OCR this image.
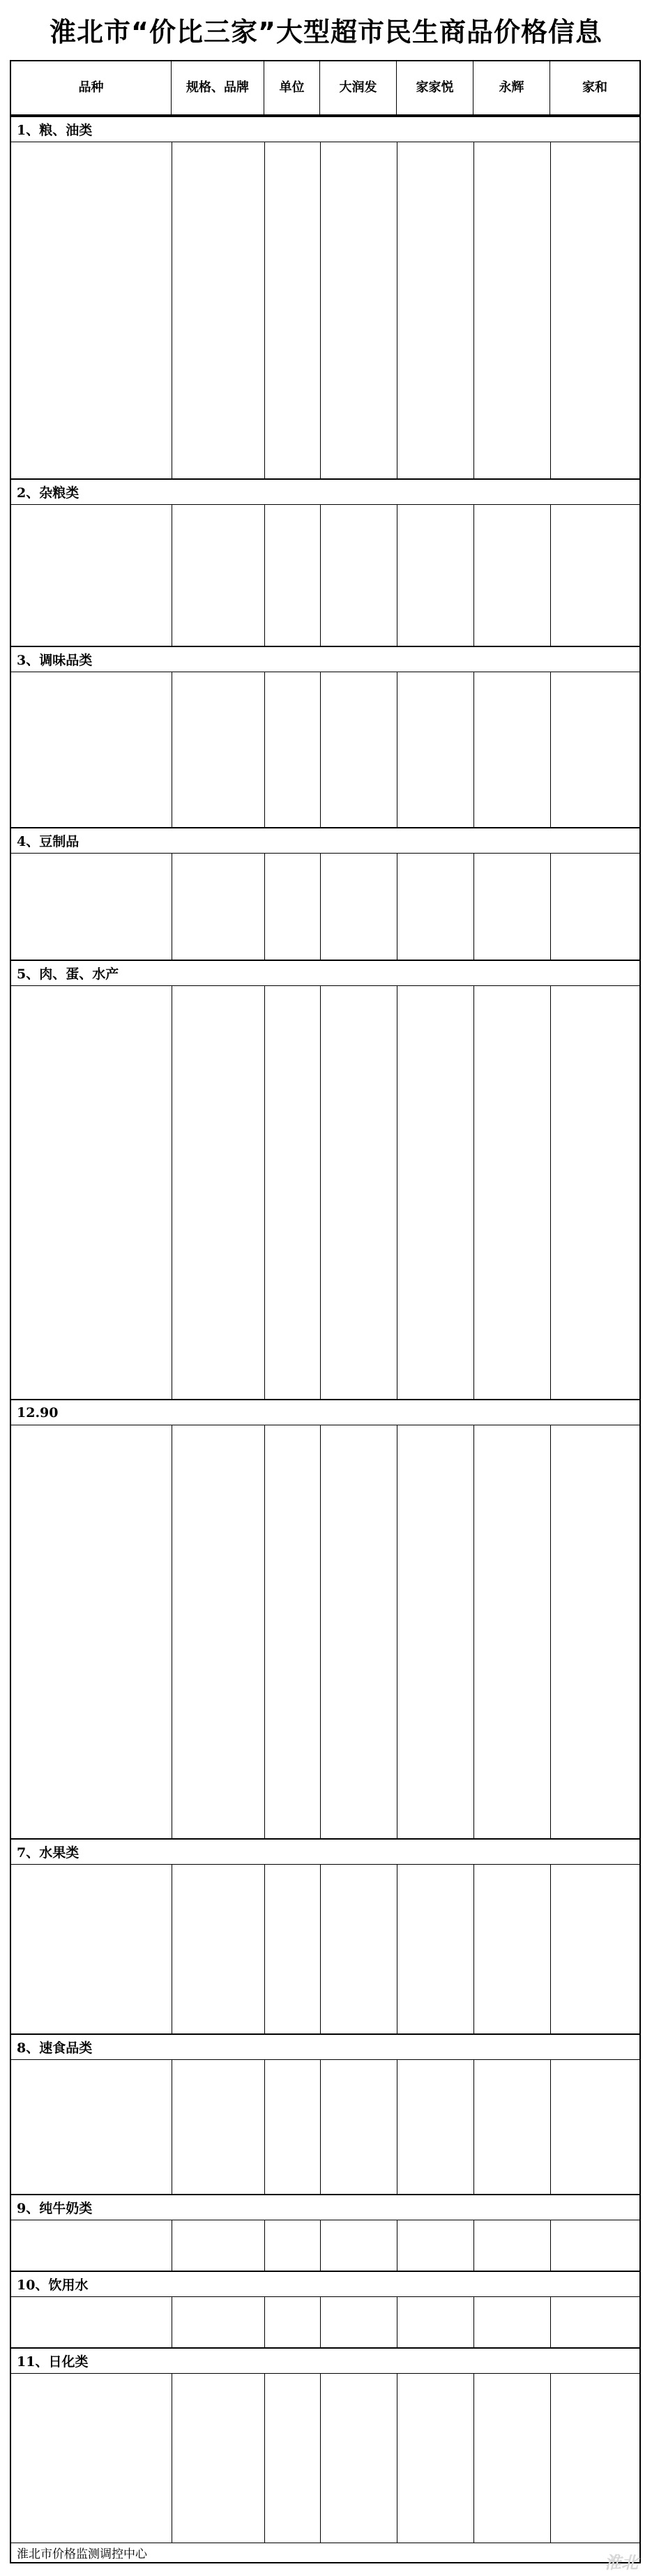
淮北市“价比三家”大型超市民生商品价格信息
品种	规格、品牌	单位	大润发	家家悦	永辉	家和
1、粮、油类
2、杂粮类
3、调味品类
4、豆制品
5、肉、蛋、水产
12.90
7、水果类
8、速食品类
9、纯牛奶类
10、饮用水
11、日化类
淮北市价格监测调控中心	淮北
